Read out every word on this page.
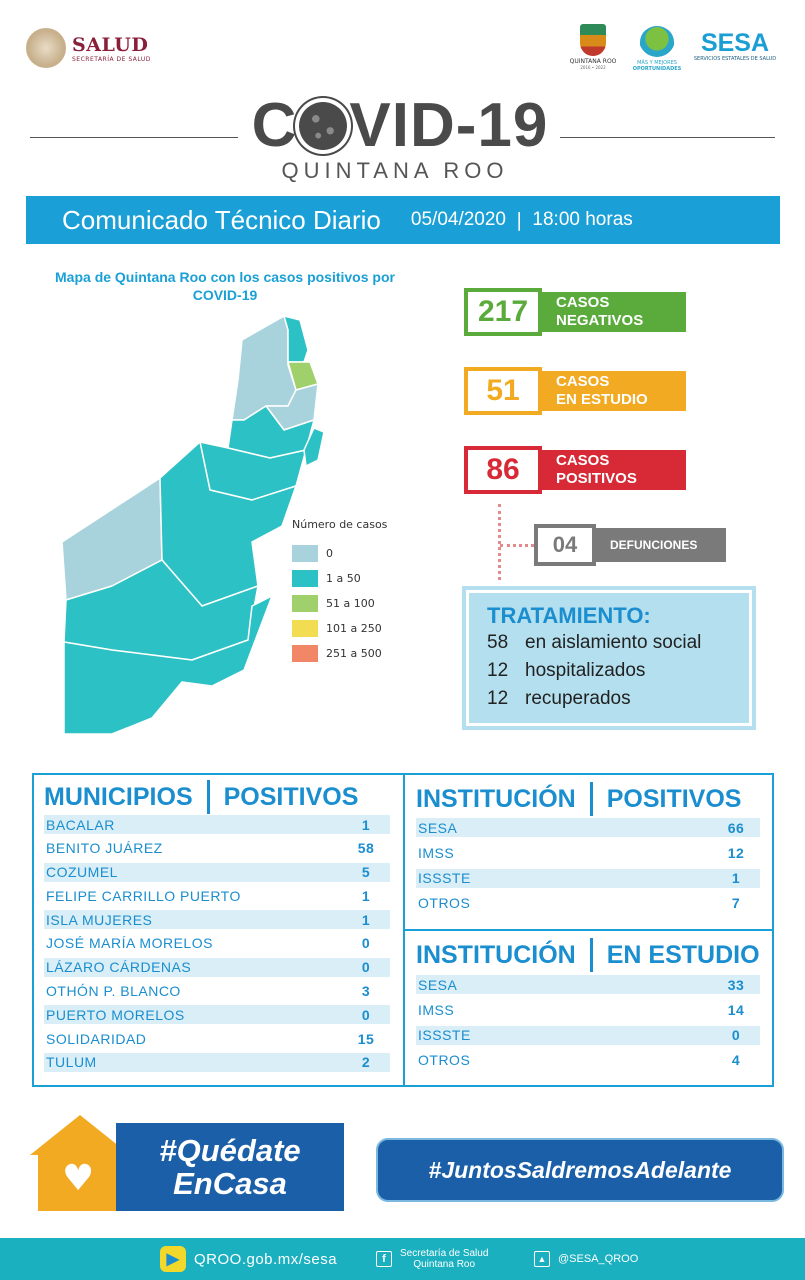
SALUD
SECRETARÍA DE SALUD	QUINTANA ROO
2016 • 2022
MÁS Y MEJORES
OPORTUNIDADES
SESA
SERVICIOS ESTATALES DE SALUD
C VID-19
QUINTANA ROO
Comunicado Técnico Diario 05/04/2020 | 18:00 horas
Mapa de Quintana Roo con los casos positivos por COVID-19
Número de casos
0
1 a 50
51 a 100
101 a 250
251 a 500
217	CASOS
NEGATIVOS
51	CASOS
EN ESTUDIO
86	CASOS
POSITIVOS
04	DEFUNCIONES
TRATAMIENTO:
58 en aislamiento social
12 hospitalizados
12 recuperados
MUNICIPIOS POSITIVOS
BACALAR	1
BENITO JUÁREZ	58
COZUMEL	5
FELIPE CARRILLO PUERTO	1
ISLA MUJERES	1
JOSÉ MARÍA MORELOS	0
LÁZARO CÁRDENAS	0
OTHÓN P. BLANCO	3
PUERTO MORELOS	0
SOLIDARIDAD	15
TULUM	2
INSTITUCIÓN POSITIVOS
SESA	66
IMSS	12
ISSSTE	1
OTROS	7
INSTITUCIÓN EN ESTUDIO
SESA	33
IMSS	14
ISSSTE	0
OTROS	4
♥
#Quédate
EnCasa	#JuntosSaldremosAdelante
▶ QROO.gob.mx/sesa	f	Secretaría de Salud
Quintana Roo	▲	@SESA_QROO
